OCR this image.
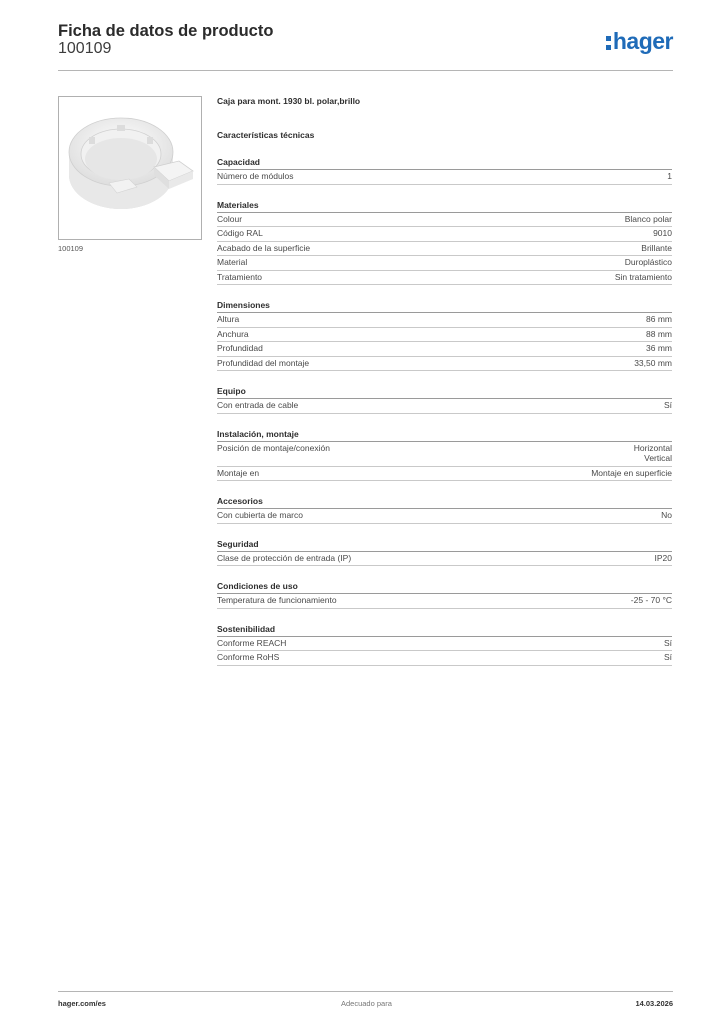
Ficha de datos de producto
100109	hager
100109
Caja para mont. 1930 bl. polar,brillo
Características técnicas
Capacidad
Número de módulos	1
Materiales
Colour	Blanco polar
Código RAL	9010
Acabado de la superficie	Brillante
Material	Duroplástico
Tratamiento	Sin tratamiento
Dimensiones
Altura	86 mm
Anchura	88 mm
Profundidad	36 mm
Profundidad del montaje	33,50 mm
Equipo
Con entrada de cable	Sí
Instalación, montaje
Posición de montaje/conexión	Horizontal
Vertical
Montaje en	Montaje en superficie
Accesorios
Con cubierta de marco	No
Seguridad
Clase de protección de entrada (IP)	IP20
Condiciones de uso
Temperatura de funcionamiento	-25 - 70 °C
Sostenibilidad
Conforme REACH	Sí
Conforme RoHS	Sí
hager.com/es	Adecuado para	14.03.2026
